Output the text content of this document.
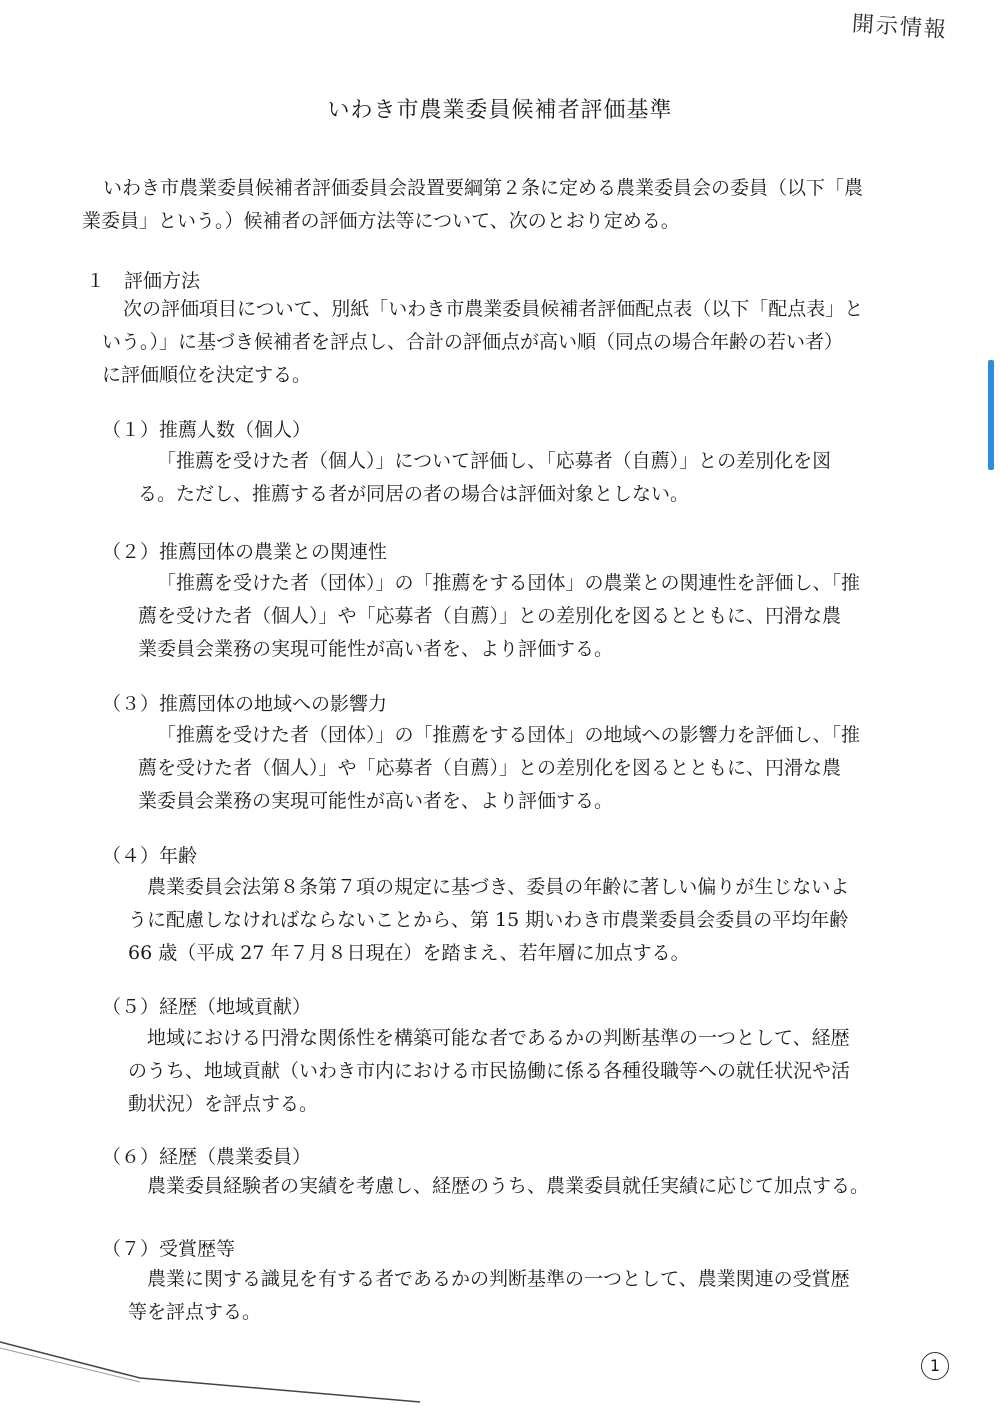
開示情報
いわき市農業委員候補者評価基準
いわき市農業委員候補者評価委員会設置要綱第２条に定める農業委員会の委員（以下「農
業委員」という。）候補者の評価方法等について、次のとおり定める。
１　評価方法
次の評価項目について、別紙「いわき市農業委員候補者評価配点表（以下「配点表」と
いう。）」に基づき候補者を評点し、合計の評価点が高い順（同点の場合年齢の若い者）
に評価順位を決定する。
（１）推薦人数（個人）
「推薦を受けた者（個人）」について評価し、「応募者（自薦）」との差別化を図
る。ただし、推薦する者が同居の者の場合は評価対象としない。
（２）推薦団体の農業との関連性
「推薦を受けた者（団体）」の「推薦をする団体」の農業との関連性を評価し、「推
薦を受けた者（個人）」や「応募者（自薦）」との差別化を図るとともに、円滑な農
業委員会業務の実現可能性が高い者を、より評価する。
（３）推薦団体の地域への影響力
「推薦を受けた者（団体）」の「推薦をする団体」の地域への影響力を評価し、「推
薦を受けた者（個人）」や「応募者（自薦）」との差別化を図るとともに、円滑な農
業委員会業務の実現可能性が高い者を、より評価する。
（４）年齢
農業委員会法第８条第７項の規定に基づき、委員の年齢に著しい偏りが生じないよ
うに配慮しなければならないことから、第 15 期いわき市農業委員会委員の平均年齢
66 歳（平成 27 年７月８日現在）を踏まえ、若年層に加点する。
（５）経歴（地域貢献）
地域における円滑な関係性を構築可能な者であるかの判断基準の一つとして、経歴
のうち、地域貢献（いわき市内における市民協働に係る各種役職等への就任状況や活
動状況）を評点する。
（６）経歴（農業委員）
農業委員経験者の実績を考慮し、経歴のうち、農業委員就任実績に応じて加点する。
（７）受賞歴等
農業に関する識見を有する者であるかの判断基準の一つとして、農業関連の受賞歴
等を評点する。
1
